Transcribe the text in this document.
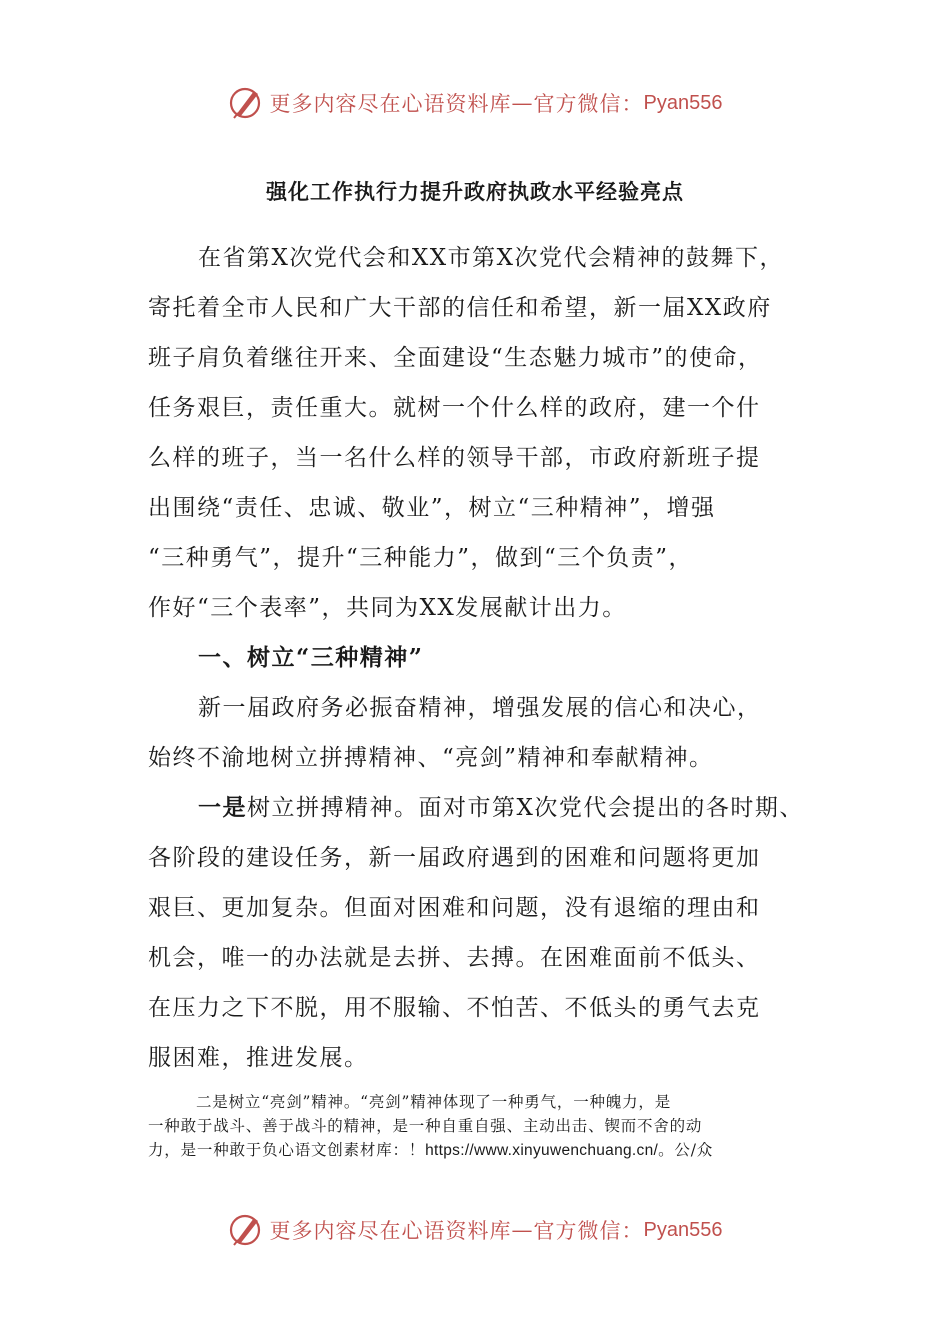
更多内容尽在心语资料库 — 官方微信： Pyan556
强化工作执行力提升政府执政水平经验亮点
在省第X次党代会和XX市第X次党代会精神的鼓舞下，
寄托着全市人民和广大干部的信任和希望，新一届XX政府
班子肩负着继往开来、全面建设“生态魅力城市”的使命，
任务艰巨，责任重大。就树一个什么样的政府，建一个什
么样的班子，当一名什么样的领导干部，市政府新班子提
出围绕“责任、忠诚、敬业”，树立“三种精神”，增强
“三种勇气”，提升“三种能力”，做到“三个负责”，
作好“三个表率”，共同为XX发展献计出力。
一、树立“三种精神”
新一届政府务必振奋精神，增强发展的信心和决心，
始终不渝地树立拼搏精神、“亮剑”精神和奉献精神。
一是树立拼搏精神。面对市第X次党代会提出的各时期、
各阶段的建设任务，新一届政府遇到的困难和问题将更加
艰巨、更加复杂。但面对困难和问题，没有退缩的理由和
机会，唯一的办法就是去拼、去搏。在困难面前不低头、
在压力之下不脱，用不服输、不怕苦、不低头的勇气去克
服困难，推进发展。
二是树立“亮剑”精神。“亮剑”精神体现了一种勇气，一种魄力，是
一种敢于战斗、善于战斗的精神，是一种自重自强、主动出击、锲而不舍的动
力，是一种敢于负心语文创素材库：！https://www.xinyuwenchuang.cn/。公/众
更多内容尽在心语资料库 — 官方微信： Pyan556
